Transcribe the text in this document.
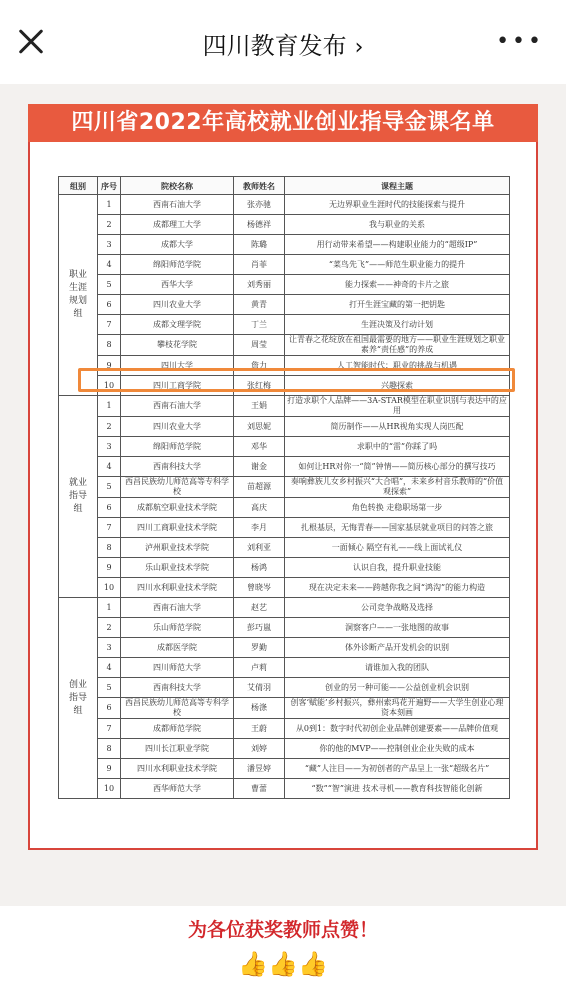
四川教育发布 ›	•••
四川省2022年高校就业创业指导金课名单
组别	序号	院校名称	教师姓名	课程主题
职业生涯规划组	1	西南石油大学	张亦驰	无边界职业生涯时代的技能探索与提升
	2	成都理工大学	杨德祥	我与职业的关系
	3	成都大学	陈璐	用行动带来希望——构建职业能力的“超级IP”
	4	绵阳师范学院	肖菲	“菜鸟先飞”——师范生职业能力的提升
	5	西华大学	刘秀丽	能力探索——神奇的卡片之旅
	6	四川农业大学	黄青	打开生涯宝藏的第一把钥匙
	7	成都文理学院	丁兰	生涯决策及行动计划
	8	攀枝花学院	周莹	让青春之花绽放在祖国最需要的地方——职业生涯规划之职业素养“责任感”的养成
	9	四川大学	詹力	人工智能时代：职业的挑战与机遇
	10	四川工商学院	张红梅	兴趣探索
就业指导组	1	西南石油大学	王娟	打造求职个人品牌——3A-STAR模型在职业识别与表达中的应用
	2	四川农业大学	刘思妮	简历制作——从HR视角实现人岗匹配
	3	绵阳师范学院	邓华	求职中的“雷”你踩了吗
	4	西南科技大学	谢金	如何让HR对你一“简”钟情——简历核心部分的撰写技巧
	5	西昌民族幼儿师范高等专科学校	苗超源	奏响彝族儿女乡村振兴“大合唱”，未来乡村音乐教师的“价值观探索”
	6	成都航空职业技术学院	高庆	角色转换 走稳职场第一步
	7	四川工商职业技术学院	李月	扎根基层，无悔青春——国家基层就业项目的问答之旅
	8	泸州职业技术学院	刘利亚	一面倾心 隔空有礼——线上面试礼仪
	9	乐山职业技术学院	杨鸿	认识自我，提升职业技能
	10	四川水利职业技术学院	曾晓岑	现在决定未来——跨越你我之间“鸿沟”的能力构造
创业指导组	1	西南石油大学	赵艺	公司竞争战略及选择
	2	乐山师范学院	彭巧嵐	洞察客户——一张地图的故事
	3	成都医学院	罗勤	体外诊断产品开发机会的识别
	4	四川师范大学	卢莉	请谁加入我的团队
	5	西南科技大学	艾倩羽	创业的另一种可能——公益创业机会识别
	6	西昌民族幼儿师范高等专科学校	杨涤	创客‘赋能’乡村振兴，彝州索玛花开遍野——大学生创业心理资本刻画
	7	成都师范学院	王蔚	从0到1：数字时代初创企业品牌创建要素——品牌价值观
	8	四川长江职业学院	刘婷	你的他的MVP——控制创业企业失败的成本
	9	四川水利职业技术学院	潘昱婷	“藏”人注目——为初创者的产品呈上一张“超级名片”
	10	西华师范大学	曹蕾	“数”“智”演进 技术寻机——教育科技智能化创新
为各位获奖教师点赞！
👍👍👍
